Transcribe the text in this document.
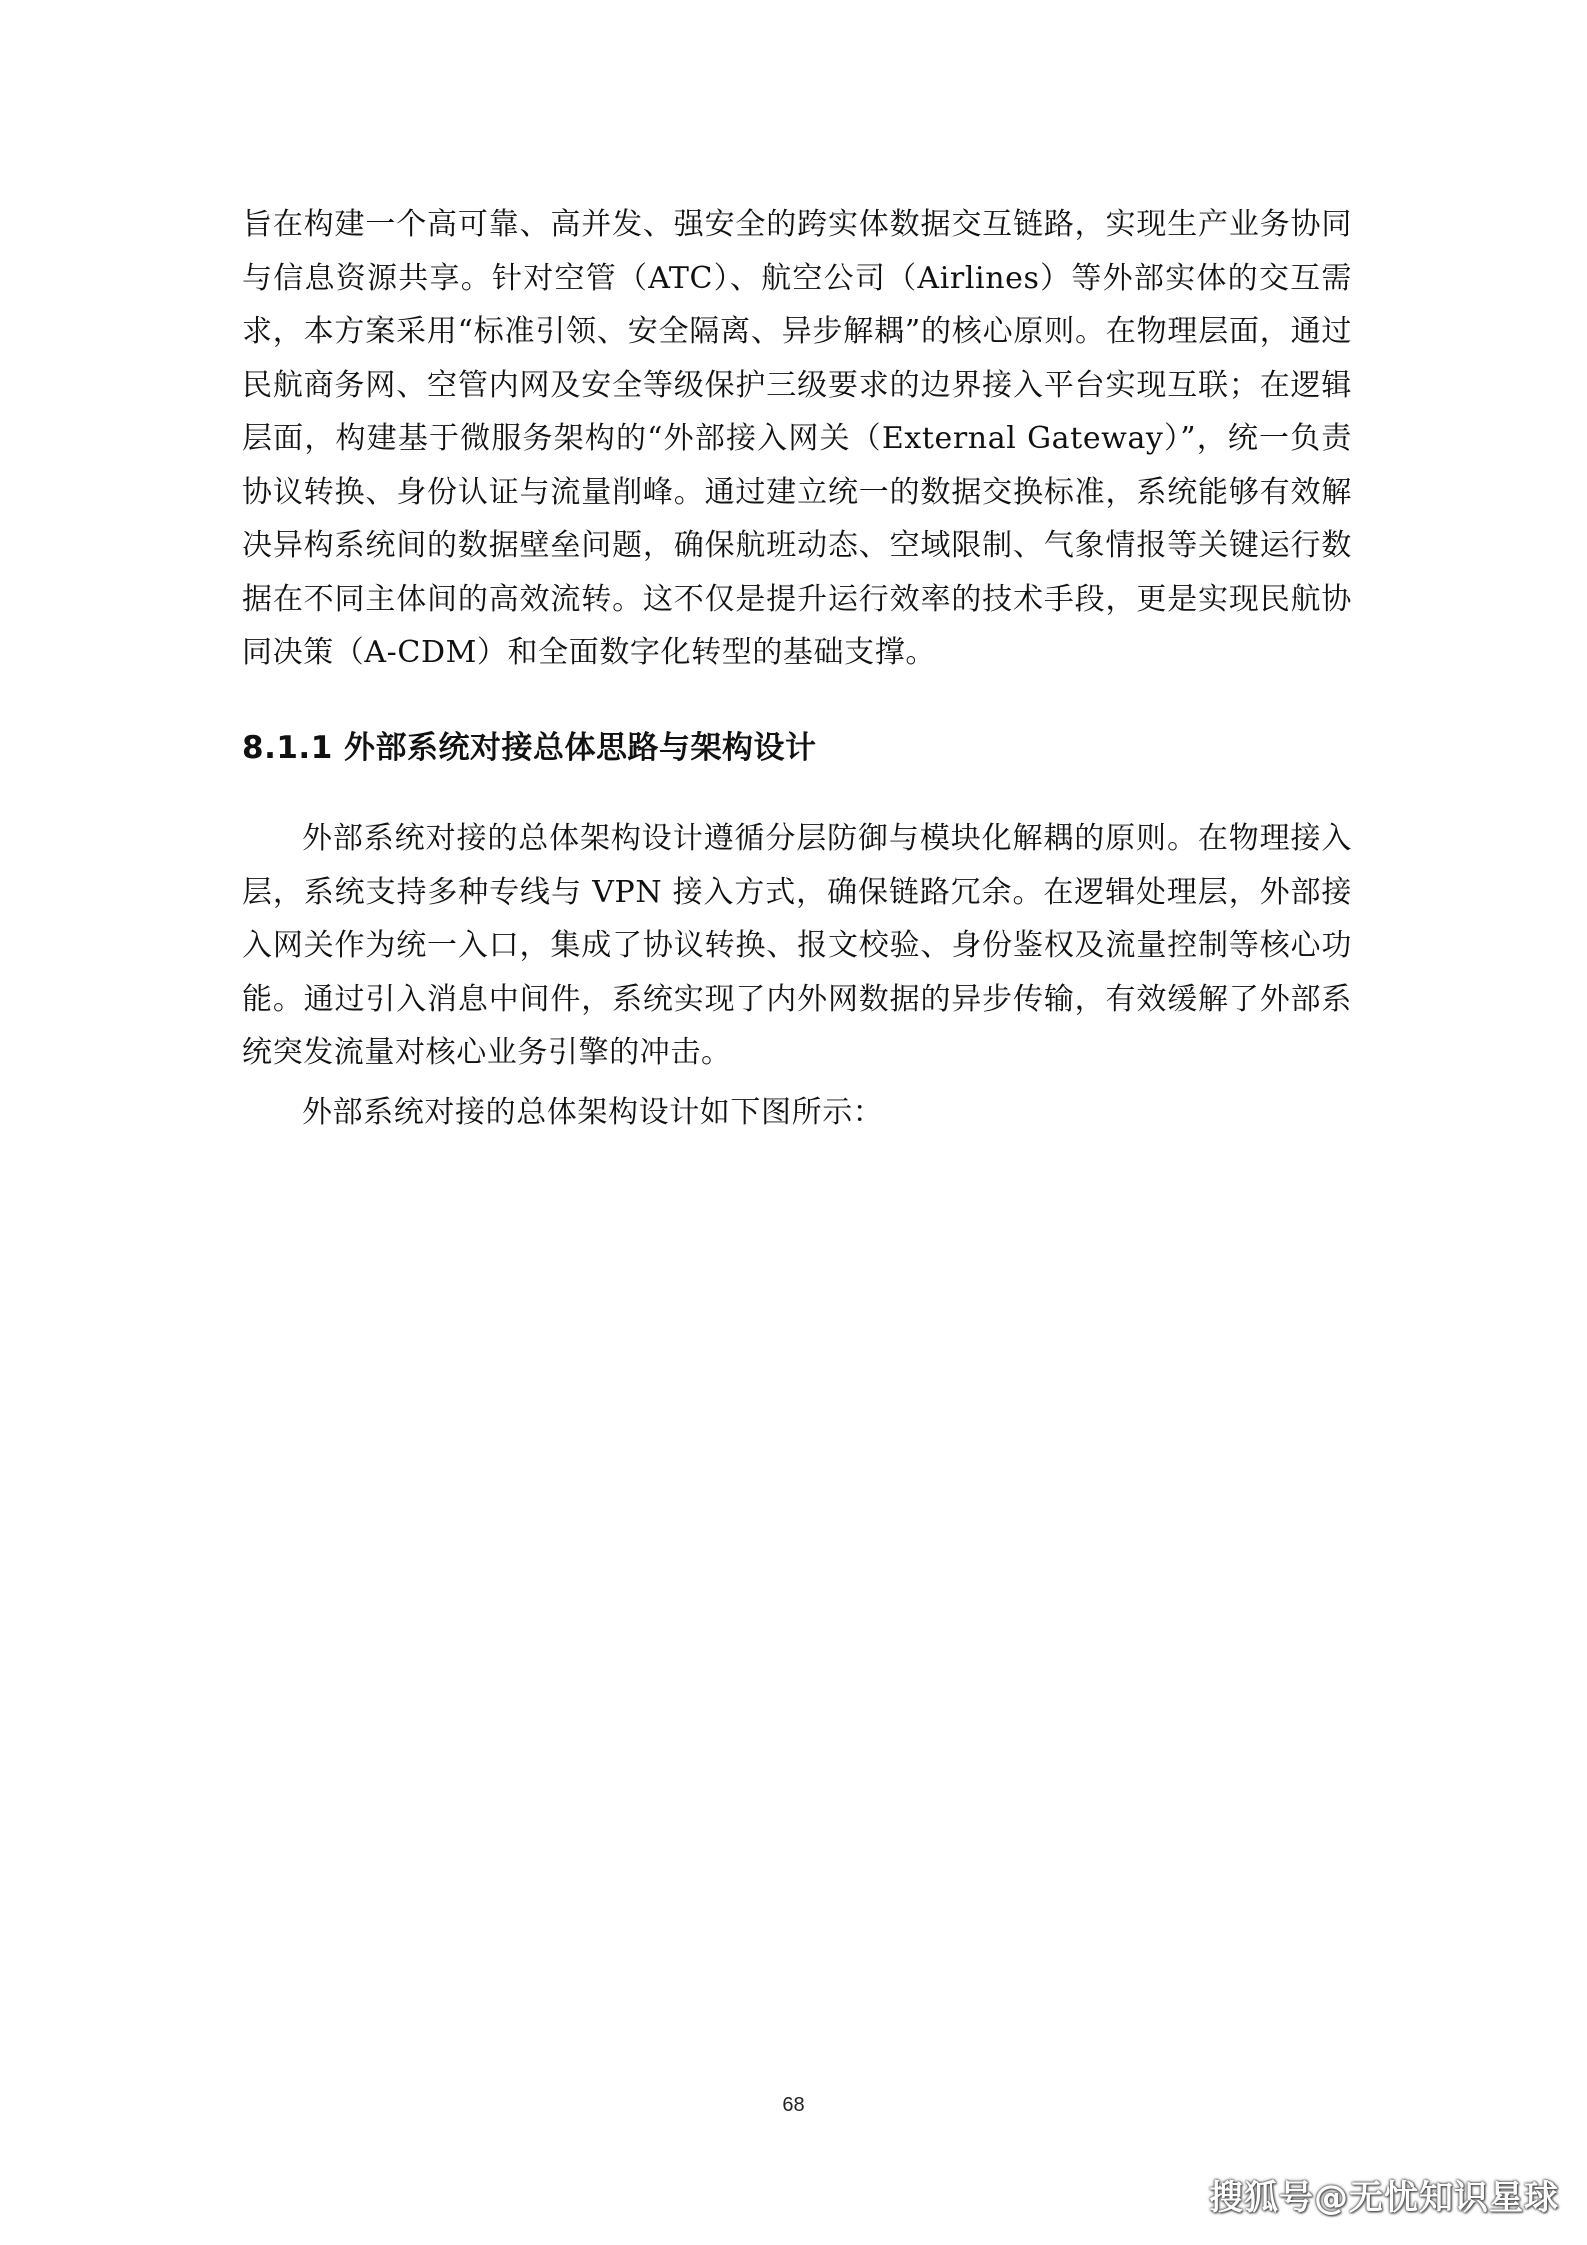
旨在构建一个高可靠、高并发、强安全的跨实体数据交互链路，实现生产业务协同与信息资源共享。针对空管（ATC）、航空公司（Airlines）等外部实体的交互需求，本方案采用“标准引领、安全隔离、异步解耦”的核心原则。在物理层面，通过民航商务网、空管内网及安全等级保护三级要求的边界接入平台实现互联；在逻辑层面，构建基于微服务架构的“外部接入网关（External Gateway）”，统一负责协议转换、身份认证与流量削峰。通过建立统一的数据交换标准，系统能够有效解决异构系统间的数据壁垒问题，确保航班动态、空域限制、气象情报等关键运行数据在不同主体间的高效流转。这不仅是提升运行效率的技术手段，更是实现民航协同决策（A-CDM）和全面数字化转型的基础支撑。

8.1.1 外部系统对接总体思路与架构设计

外部系统对接的总体架构设计遵循分层防御与模块化解耦的原则。在物理接入层，系统支持多种专线与 VPN 接入方式，确保链路冗余。在逻辑处理层，外部接入网关作为统一入口，集成了协议转换、报文校验、身份鉴权及流量控制等核心功能。通过引入消息中间件，系统实现了内外网数据的异步传输，有效缓解了外部系统突发流量对核心业务引擎的冲击。

外部系统对接的总体架构设计如下图所示：

68
搜狐号@无忧知识星球
